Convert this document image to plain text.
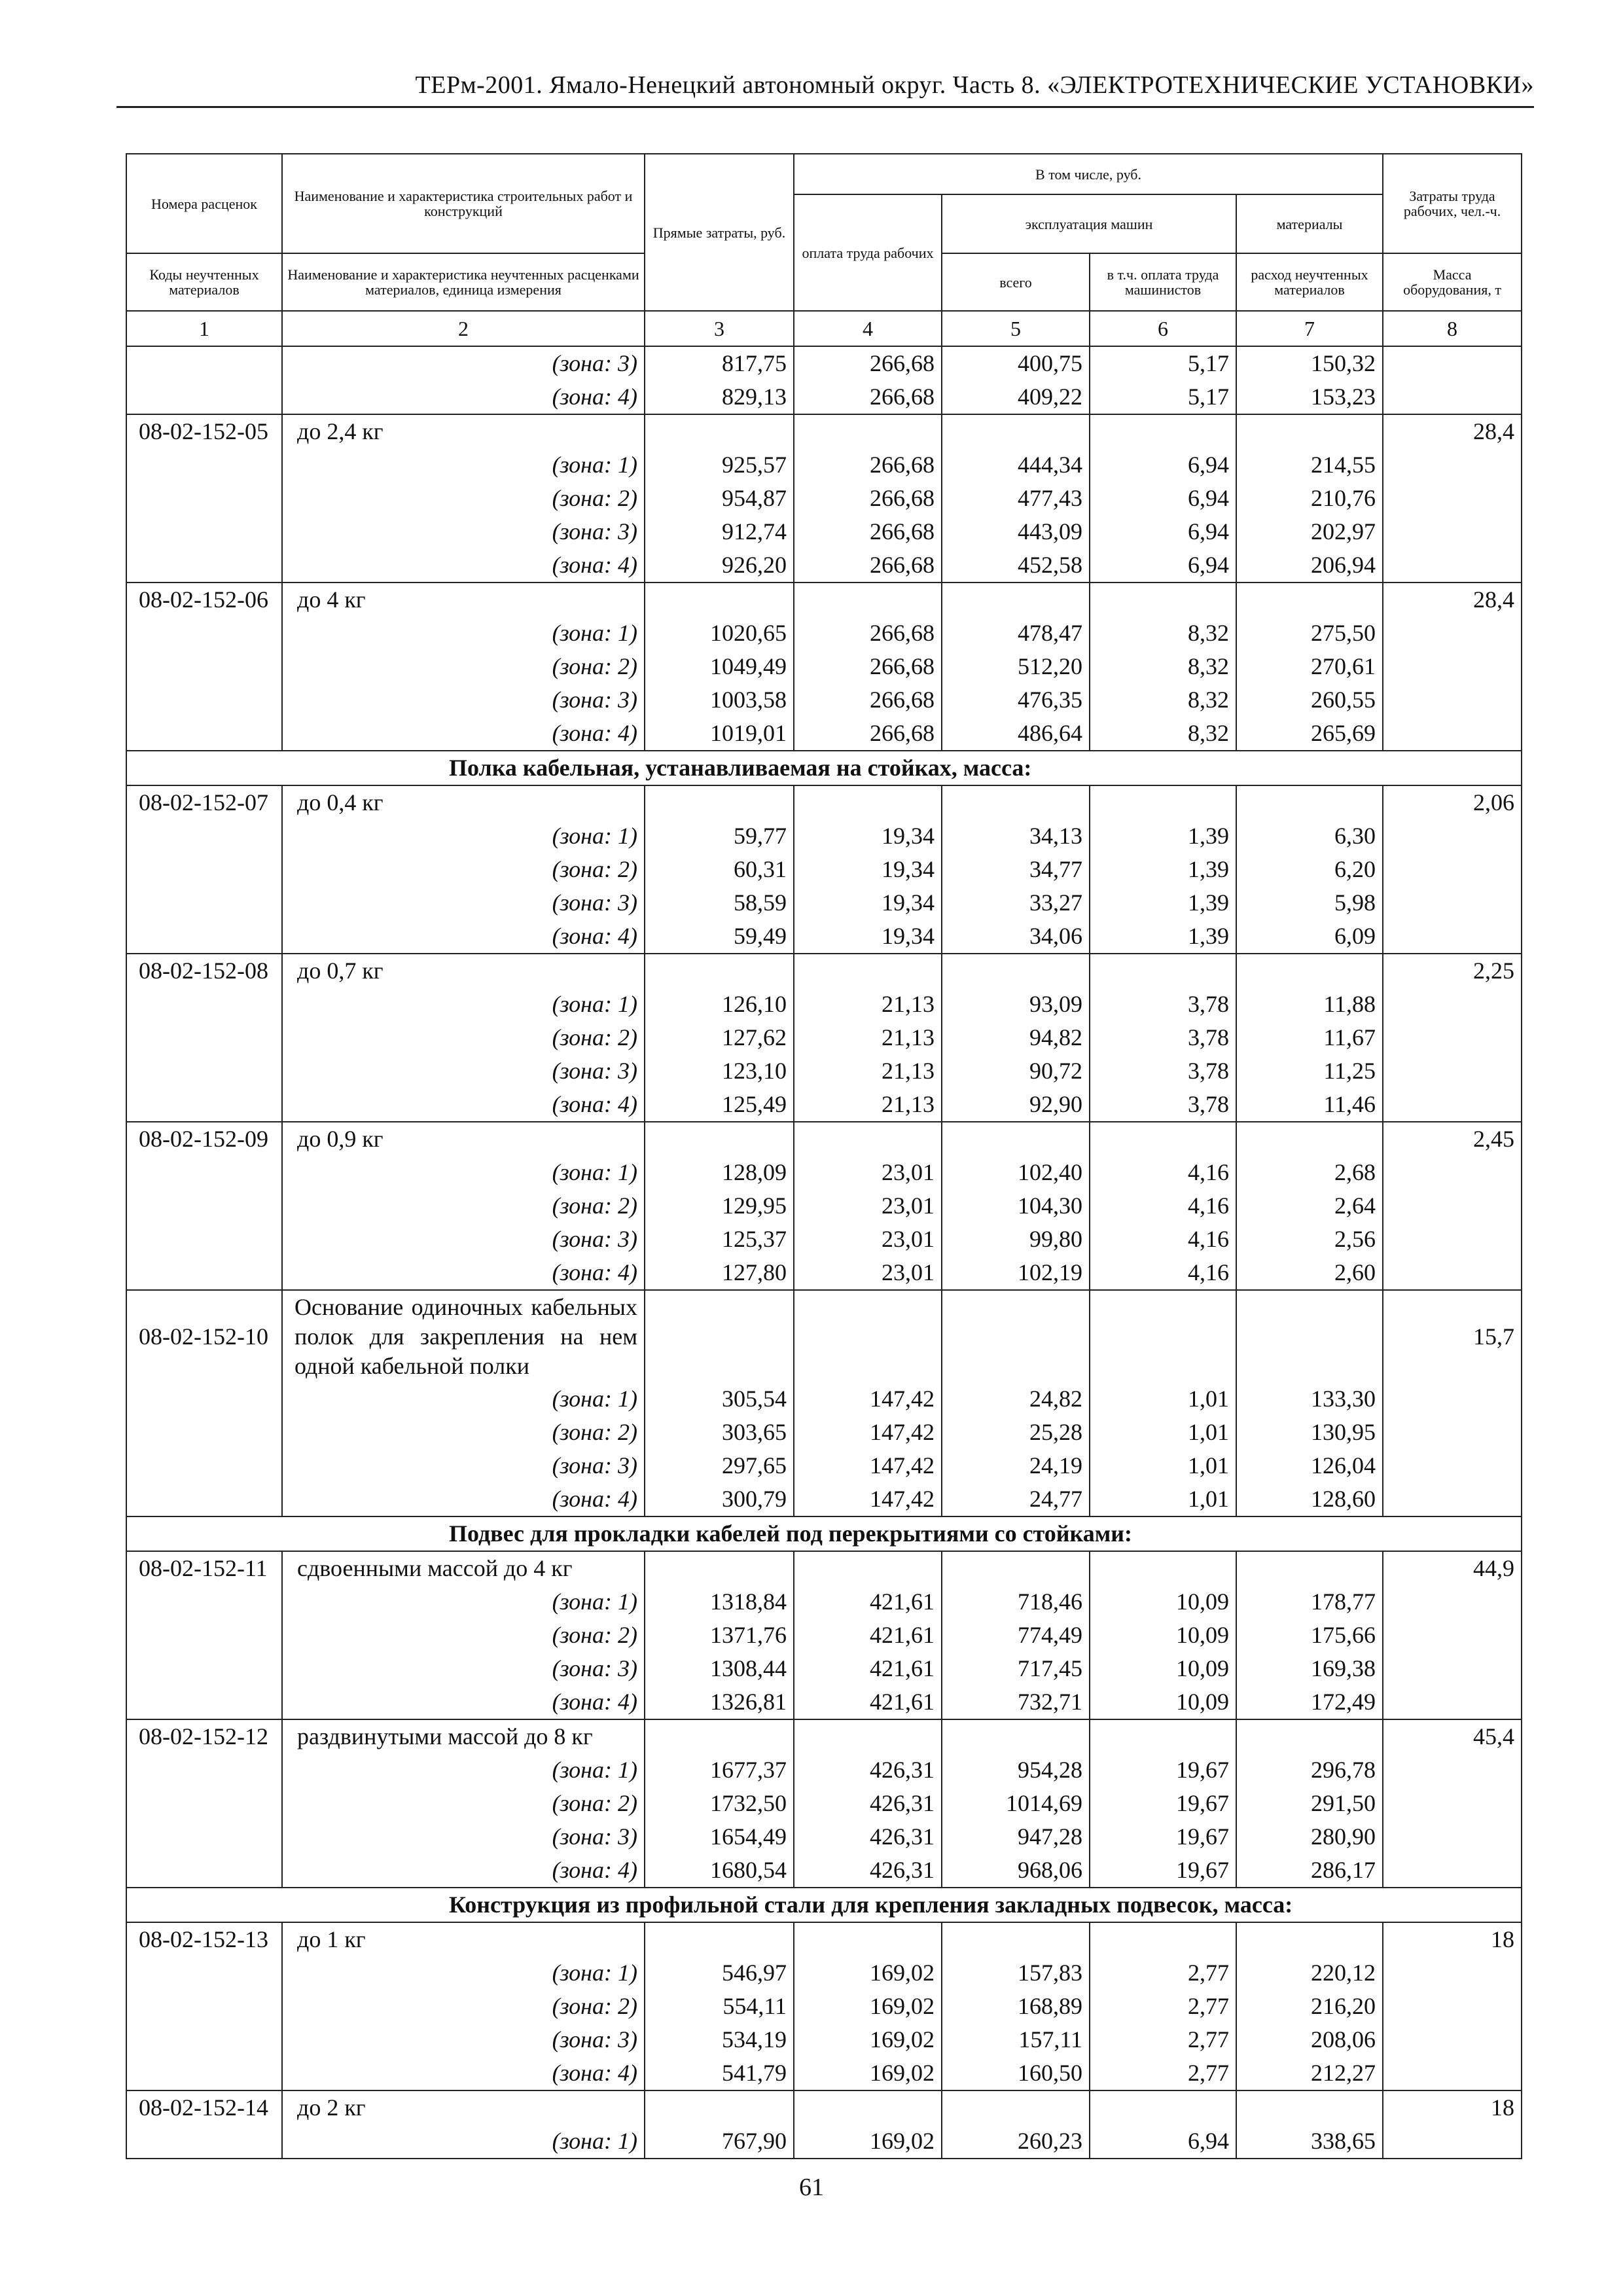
ТЕРм-2001. Ямало-Ненецкий автономный округ. Часть 8. «ЭЛЕКТРОТЕХНИЧЕСКИЕ УСТАНОВКИ»
Номера расценок	Наименование и характеристика строительных работ и конструкций	Прямые затраты, руб.	В том числе, руб.				Затраты труда рабочих, чел.-ч.
			оплата труда рабочих	эксплуатация машин		материалы	
Коды неучтенных материалов	Наименование и характеристика неучтенных расценками материалов, единица измерения			всего	в т.ч. оплата труда машинистов	расход неучтенных материалов	Масса оборудования, т
1	2	3	4	5	6	7	8
	(зона: 3)	817,75	266,68	400,75	5,17	150,32	
	(зона: 4)	829,13	266,68	409,22	5,17	153,23	
08-02-152-05	до 2,4 кг						28,4
	(зона: 1)	925,57	266,68	444,34	6,94	214,55	
	(зона: 2)	954,87	266,68	477,43	6,94	210,76	
	(зона: 3)	912,74	266,68	443,09	6,94	202,97	
	(зона: 4)	926,20	266,68	452,58	6,94	206,94	
08-02-152-06	до 4 кг						28,4
	(зона: 1)	1020,65	266,68	478,47	8,32	275,50	
	(зона: 2)	1049,49	266,68	512,20	8,32	270,61	
	(зона: 3)	1003,58	266,68	476,35	8,32	260,55	
	(зона: 4)	1019,01	266,68	486,64	8,32	265,69	
	Полка кабельная, устанавливаемая на стойках, масса:						
08-02-152-07	до 0,4 кг						2,06
	(зона: 1)	59,77	19,34	34,13	1,39	6,30	
	(зона: 2)	60,31	19,34	34,77	1,39	6,20	
	(зона: 3)	58,59	19,34	33,27	1,39	5,98	
	(зона: 4)	59,49	19,34	34,06	1,39	6,09	
08-02-152-08	до 0,7 кг						2,25
	(зона: 1)	126,10	21,13	93,09	3,78	11,88	
	(зона: 2)	127,62	21,13	94,82	3,78	11,67	
	(зона: 3)	123,10	21,13	90,72	3,78	11,25	
	(зона: 4)	125,49	21,13	92,90	3,78	11,46	
08-02-152-09	до 0,9 кг						2,45
	(зона: 1)	128,09	23,01	102,40	4,16	2,68	
	(зона: 2)	129,95	23,01	104,30	4,16	2,64	
	(зона: 3)	125,37	23,01	99,80	4,16	2,56	
	(зона: 4)	127,80	23,01	102,19	4,16	2,60	
08-02-152-10	Основание одиночных кабельных полок для закрепления на нем одной кабельной полки						15,7
	(зона: 1)	305,54	147,42	24,82	1,01	133,30	
	(зона: 2)	303,65	147,42	25,28	1,01	130,95	
	(зона: 3)	297,65	147,42	24,19	1,01	126,04	
	(зона: 4)	300,79	147,42	24,77	1,01	128,60	
	Подвес для прокладки кабелей под перекрытиями со стойками:						
08-02-152-11	сдвоенными массой до 4 кг						44,9
	(зона: 1)	1318,84	421,61	718,46	10,09	178,77	
	(зона: 2)	1371,76	421,61	774,49	10,09	175,66	
	(зона: 3)	1308,44	421,61	717,45	10,09	169,38	
	(зона: 4)	1326,81	421,61	732,71	10,09	172,49	
08-02-152-12	раздвинутыми массой до 8 кг						45,4
	(зона: 1)	1677,37	426,31	954,28	19,67	296,78	
	(зона: 2)	1732,50	426,31	1014,69	19,67	291,50	
	(зона: 3)	1654,49	426,31	947,28	19,67	280,90	
	(зона: 4)	1680,54	426,31	968,06	19,67	286,17	
	Конструкция из профильной стали для крепления закладных подвесок, масса:						
08-02-152-13	до 1 кг						18
	(зона: 1)	546,97	169,02	157,83	2,77	220,12	
	(зона: 2)	554,11	169,02	168,89	2,77	216,20	
	(зона: 3)	534,19	169,02	157,11	2,77	208,06	
	(зона: 4)	541,79	169,02	160,50	2,77	212,27	
08-02-152-14	до 2 кг						18
	(зона: 1)	767,90	169,02	260,23	6,94	338,65	
61
